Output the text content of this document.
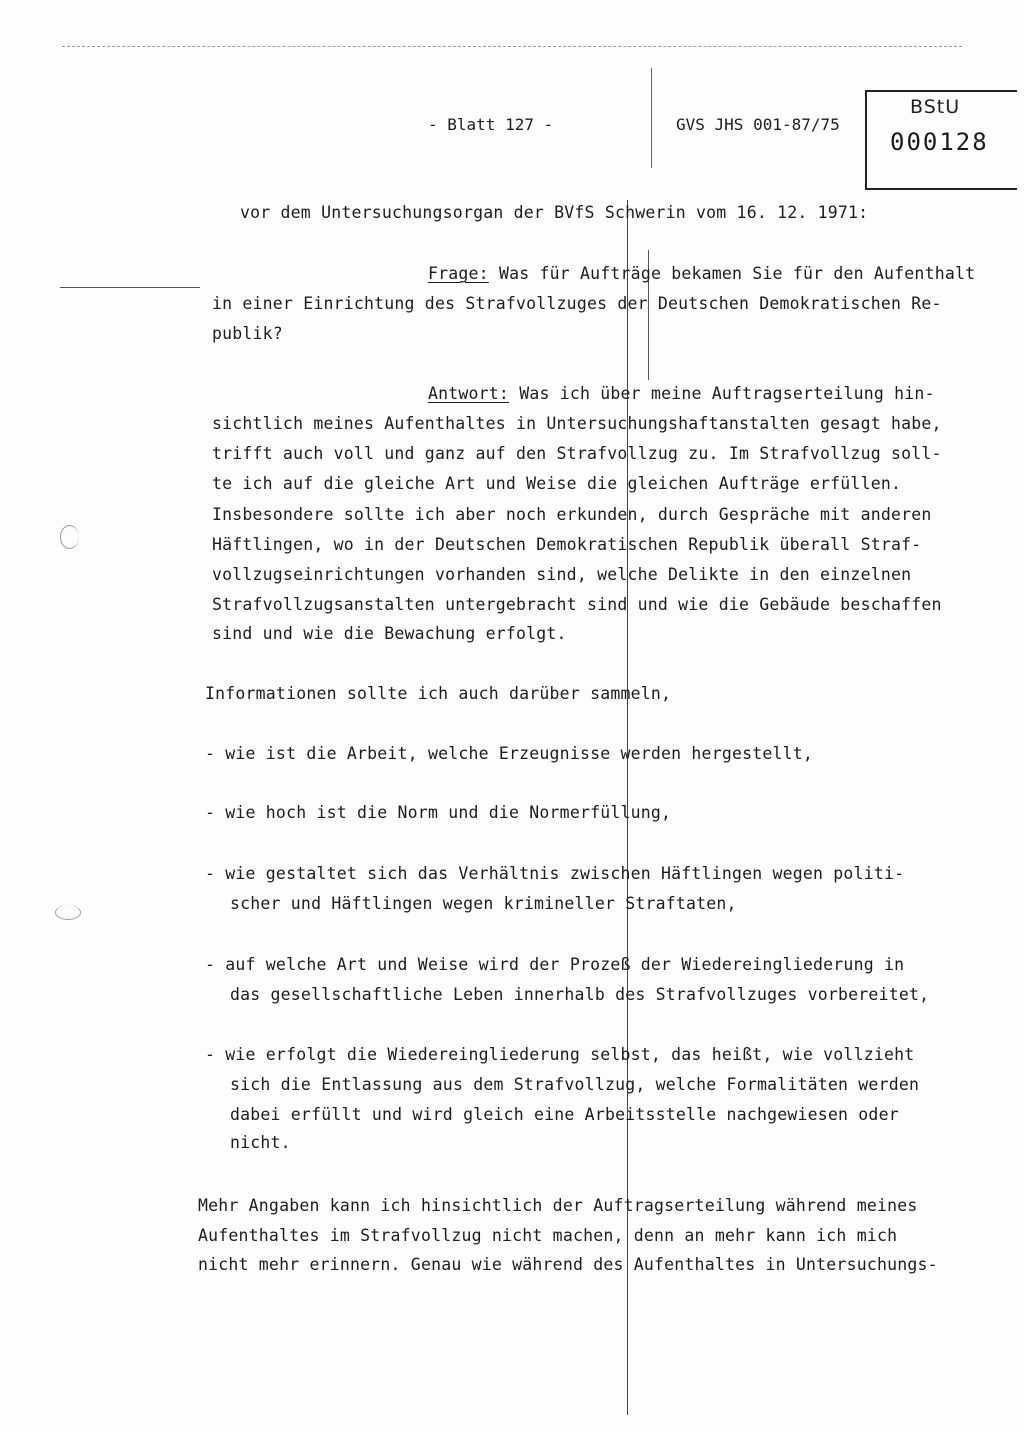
BStU
000128
- Blatt 127 -	GVS JHS 001-87/75
vor dem Untersuchungsorgan der BVfS Schwerin vom 16. 12. 1971:
Frage: Was für Aufträge bekamen Sie für den Aufenthalt
in einer Einrichtung des Strafvollzuges der Deutschen Demokratischen Re-
publik?
Antwort: Was ich über meine Auftragserteilung hin-
sichtlich meines Aufenthaltes in Untersuchungshaftanstalten gesagt habe,
trifft auch voll und ganz auf den Strafvollzug zu. Im Strafvollzug soll-
te ich auf die gleiche Art und Weise die gleichen Aufträge erfüllen.
Insbesondere sollte ich aber noch erkunden, durch Gespräche mit anderen
Häftlingen, wo in der Deutschen Demokratischen Republik überall Straf-
vollzugseinrichtungen vorhanden sind, welche Delikte in den einzelnen
Strafvollzugsanstalten untergebracht sind und wie die Gebäude beschaffen
sind und wie die Bewachung erfolgt.
Informationen sollte ich auch darüber sammeln,
- wie ist die Arbeit, welche Erzeugnisse werden hergestellt,
- wie hoch ist die Norm und die Normerfüllung,
- wie gestaltet sich das Verhältnis zwischen Häftlingen wegen politi-
scher und Häftlingen wegen krimineller Straftaten,
- auf welche Art und Weise wird der Prozeß der Wiedereingliederung in
das gesellschaftliche Leben innerhalb des Strafvollzuges vorbereitet,
- wie erfolgt die Wiedereingliederung selbst, das heißt, wie vollzieht
sich die Entlassung aus dem Strafvollzug, welche Formalitäten werden
dabei erfüllt und wird gleich eine Arbeitsstelle nachgewiesen oder
nicht.
Mehr Angaben kann ich hinsichtlich der Auftragserteilung während meines
Aufenthaltes im Strafvollzug nicht machen, denn an mehr kann ich mich
nicht mehr erinnern. Genau wie während des Aufenthaltes in Untersuchungs-
